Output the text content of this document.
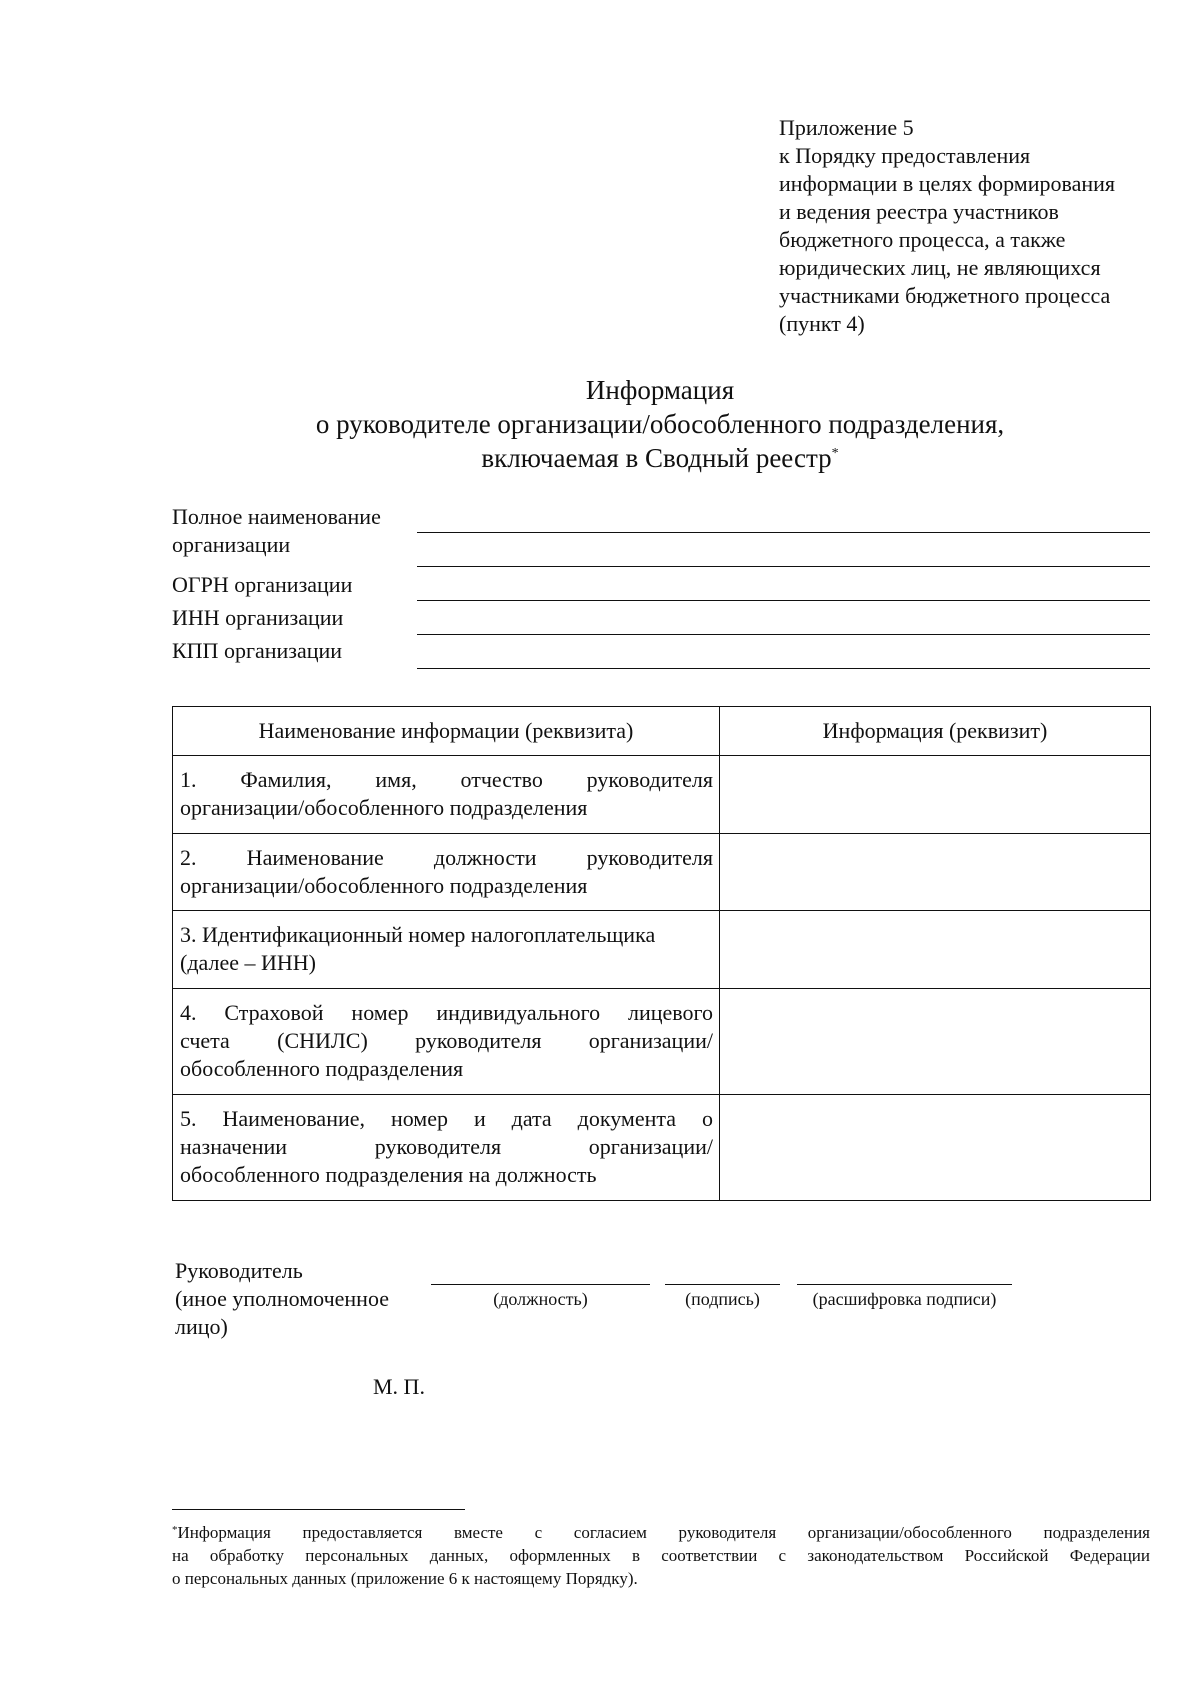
Приложение 5
к Порядку предоставления
информации в целях формирования
и ведения реестра участников
бюджетного процесса, а также
юридических лиц, не являющихся
участниками бюджетного процесса
(пункт 4)
Информация
о руководителе организации/обособленного подразделения,
включаемая в Сводный реестр*
Полное наименование
организации
ОГРН организации
ИНН организации
КПП организации
Наименование информации (реквизита)	Информация (реквизит)

1. Фамилия, имя, отчество руководителя
организации/обособленного подразделения	

2. Наименование должности руководителя
организации/обособленного подразделения	

3. Идентификационный номер налогоплательщика
(далее – ИНН)	

4. Страховой номер индивидуального лицевого
счета (СНИЛС) руководителя организации/
обособленного подразделения	

5. Наименование, номер и дата документа о
назначении руководителя организации/
обособленного подразделения на должность	

Руководитель
(иное уполномоченное
лицо)
(должность)	(подпись)	(расшифровка подписи)
М. П.
*Информация предоставляется вместе с согласием руководителя организации/обособленного подразделения
на обработку персональных данных, оформленных в соответствии с законодательством Российской Федерации
о персональных данных (приложение 6 к настоящему Порядку).
